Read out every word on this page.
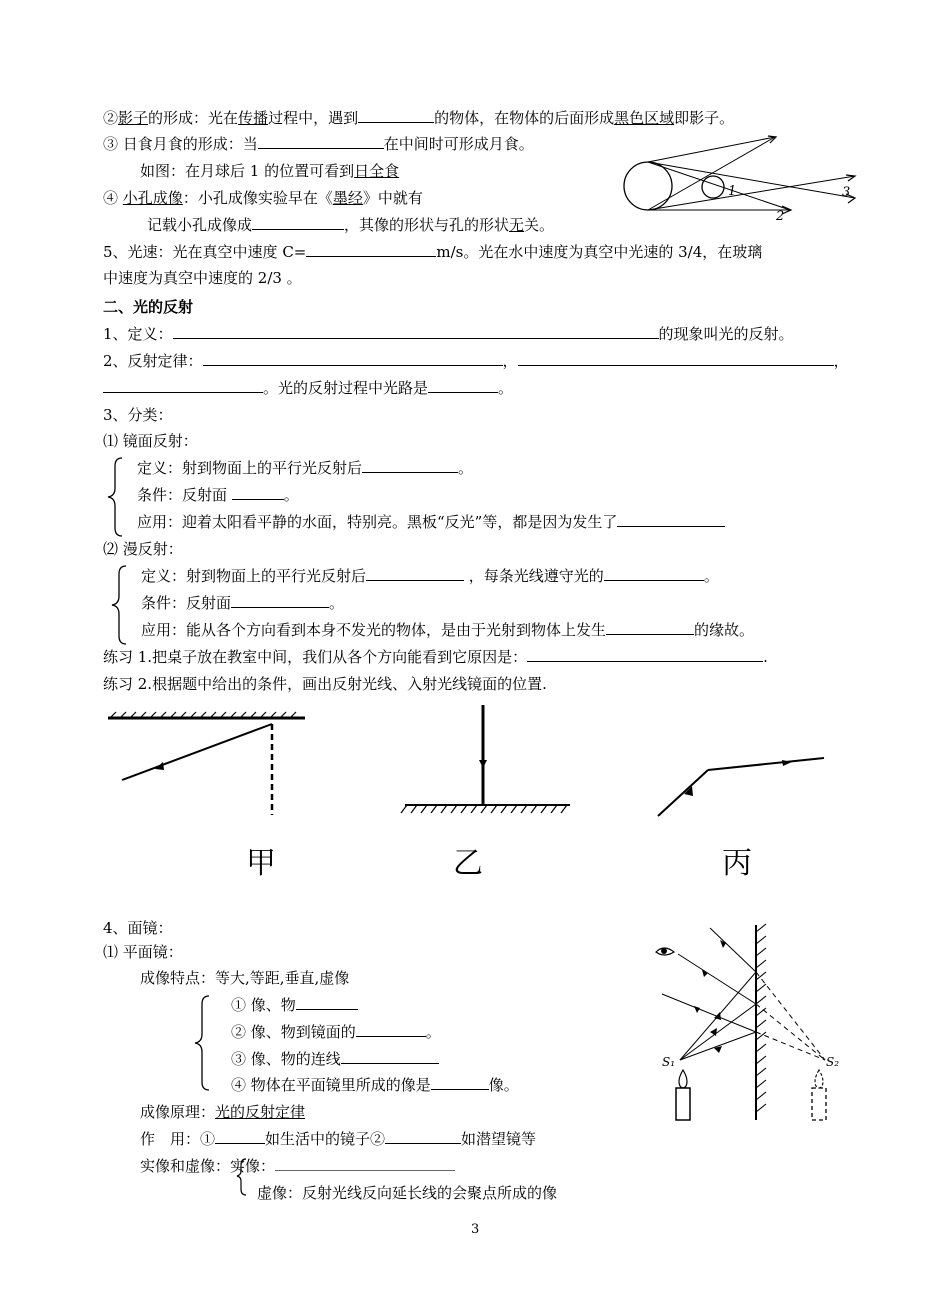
②影子的形成：光在传播过程中，遇到	的物体，在物体的后面形成黑色区域即影子。
③ 日食月食的形成：当	在中间时可形成月食。
如图：在月球后 1 的位置可看到日全食
④ 小孔成像：小孔成像实验早在《墨经》中就有
记载小孔成像成	，其像的形状与孔的形状无关。
5、光速：光在真空中速度 C=	m/s。光在水中速度为真空中光速的 3/4，在玻璃
中速度为真空中速度的 2/3 。
1
2
3
二、光的反射
1、定义：	的现象叫光的反射。
2、反射定律：	，	，
。光的反射过程中光路是	。
3、分类：
⑴ 镜面反射：
定义：射到物面上的平行光反射后	。
条件：反射面	。
应用：迎着太阳看平静的水面，特别亮。黑板“反光”等，都是因为发生了
⑵ 漫反射：
定义：射到物面上的平行光反射后	，每条光线遵守光的	。
条件：反射面	。
应用：能从各个方向看到本身不发光的物体，是由于光射到物体上发生	的缘故。
练习 1.把桌子放在教室中间，我们从各个方向能看到它原因是：	.
练习 2.根据题中给出的条件，画出反射光线、入射光线镜面的位置.
甲	乙	丙
4、面镜：
⑴ 平面镜：
成像特点：等大,等距,垂直,虚像
① 像、物
② 像、物到镜面的	。
③ 像、物的连线
④ 物体在平面镜里所成的像是	像。
成像原理：光的反射定律
作　用：①	如生活中的镜子②	如潜望镜等
实像和虚像：实像：
虚像：反射光线反向延长线的会聚点所成的像
S₁	S₂
3
